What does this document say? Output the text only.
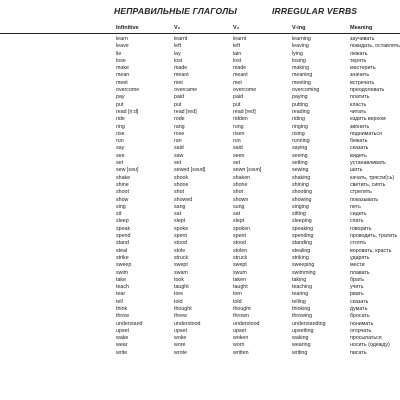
НЕПРАВИЛЬНЫЕ ГЛАГОЛЫ	IRREGULAR VERBS
Infinitive	V₂	V₃	V-ing	Meaning
learn	learnt	learnt	learning	заучивать
leave	left	left	leaving	покидать, оставлять
lie	lay	lain	lying	лежать
lose	lost	lost	losing	терять
make	made	made	making	мастерить
mean	meant	meant	meaning	значить
meet	met	met	meeting	встречать
overcome	overcame	overcome	overcoming	преодолевать
pay	paid	paid	paying	платить
put	put	put	putting	класть
read [ri:d]	read [red]	read [red]	reading	читать
ride	rode	ridden	riding	ездить верхом
ring	rang	rung	ringing	звонить
rise	rose	risen	rising	подниматься
run	ran	run	running	бежать
say	said	said	saying	сказать
see	saw	seen	seeing	видеть
set	set	set	setting	устанавливать
sew [səʊ]	sewed [səʊd]	sewn [səʊn]	sewing	шить
shake	shook	shaken	shaking	качать, трясти(сь)
shine	shone	shone	shining	светить, сиять
shoot	shot	shot	shooting	стрелять
show	showed	shown	showing	показывать
sing	sang	sung	singing	петь
sit	sat	sat	sitting	сидеть
sleep	slept	slept	sleeping	спать
speak	spoke	spoken	speaking	говорить
spend	spent	spent	spending	проводить, тратить
stand	stood	stood	standing	стоять
steal	stole	stolen	stealing	воровать, красть
strike	struck	struck	striking	ударять
sweep	swept	swept	sweeping	мести
swim	swam	swum	swimming	плавать
take	took	taken	taking	брать
teach	taught	taught	teaching	учить
tear	tore	torn	tearing	рвать
tell	told	told	telling	сказать
think	thought	thought	thinking	думать
throw	threw	thrown	throwing	бросать
understand	understood	understood	understanding	понимать
upset	upset	upset	upsetting	огорчать
wake	woke	woken	waking	просыпаться
wear	wore	worn	wearing	носить (одежду)
write	wrote	written	writing	писать
